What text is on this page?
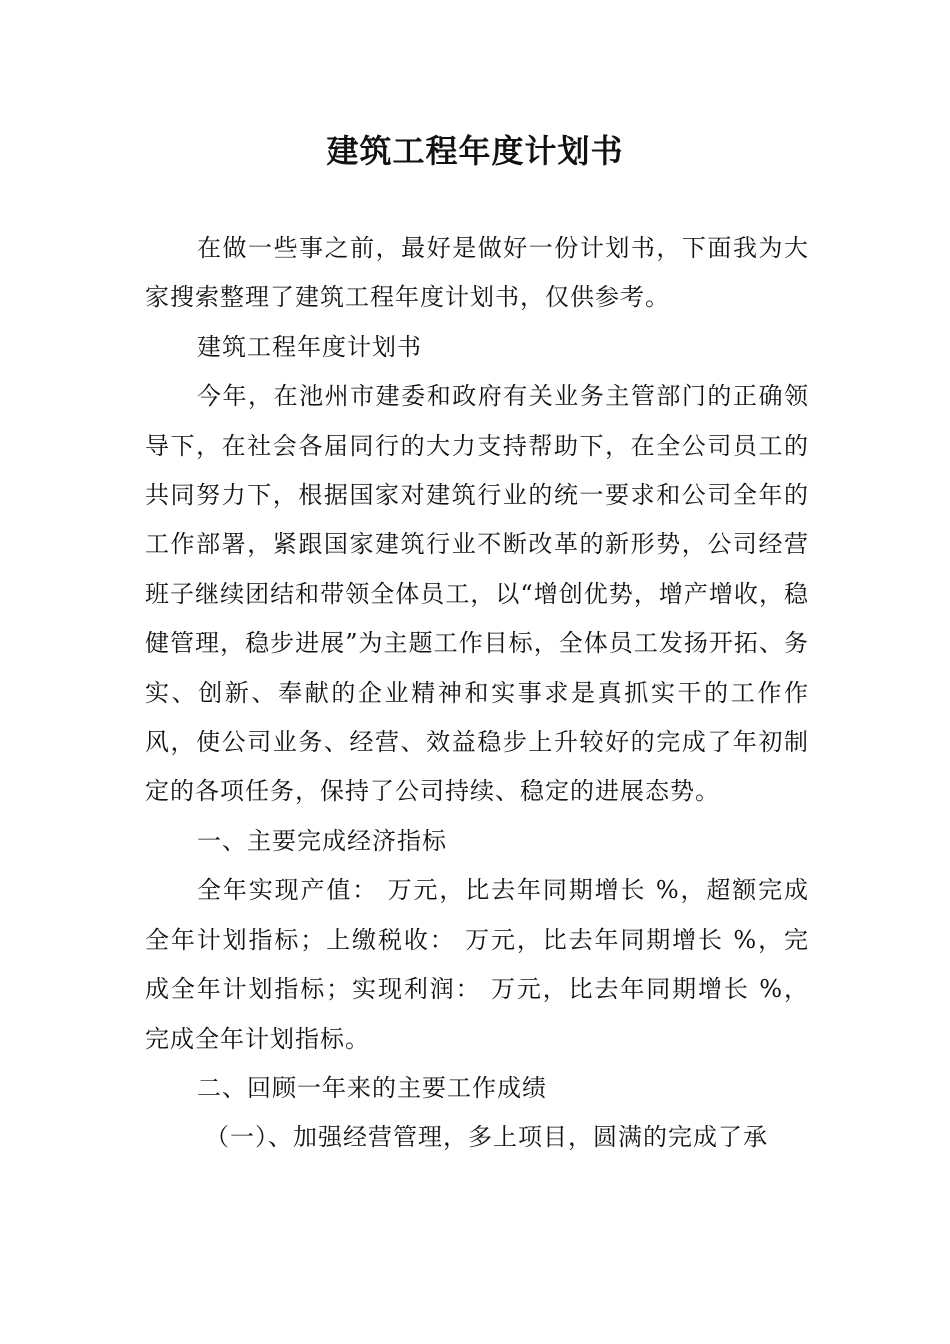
建筑工程年度计划书

在做一些事之前，最好是做好一份计划书，下面我为大家搜索整理了建筑工程年度计划书，仅供参考。

建筑工程年度计划书

今年，在池州市建委和政府有关业务主管部门的正确领导下，在社会各届同行的大力支持帮助下，在全公司员工的共同努力下，根据国家对建筑行业的统一要求和公司全年的工作部署，紧跟国家建筑行业不断改革的新形势，公司经营班子继续团结和带领全体员工，以“增创优势，增产增收，稳健管理，稳步进展”为主题工作目标，全体员工发扬开拓、务实、创新、奉献的企业精神和实事求是真抓实干的工作作风，使公司业务、经营、效益稳步上升较好的完成了年初制定的各项任务，保持了公司持续、稳定的进展态势。

一、主要完成经济指标

全年实现产值： 万元，比去年同期增长 %，超额完成全年计划指标；上缴税收： 万元，比去年同期增长 %，完成全年计划指标；实现利润： 万元，比去年同期增长 %，完成全年计划指标。

二、回顾一年来的主要工作成绩

（一）、加强经营管理，多上项目，圆满的完成了承
